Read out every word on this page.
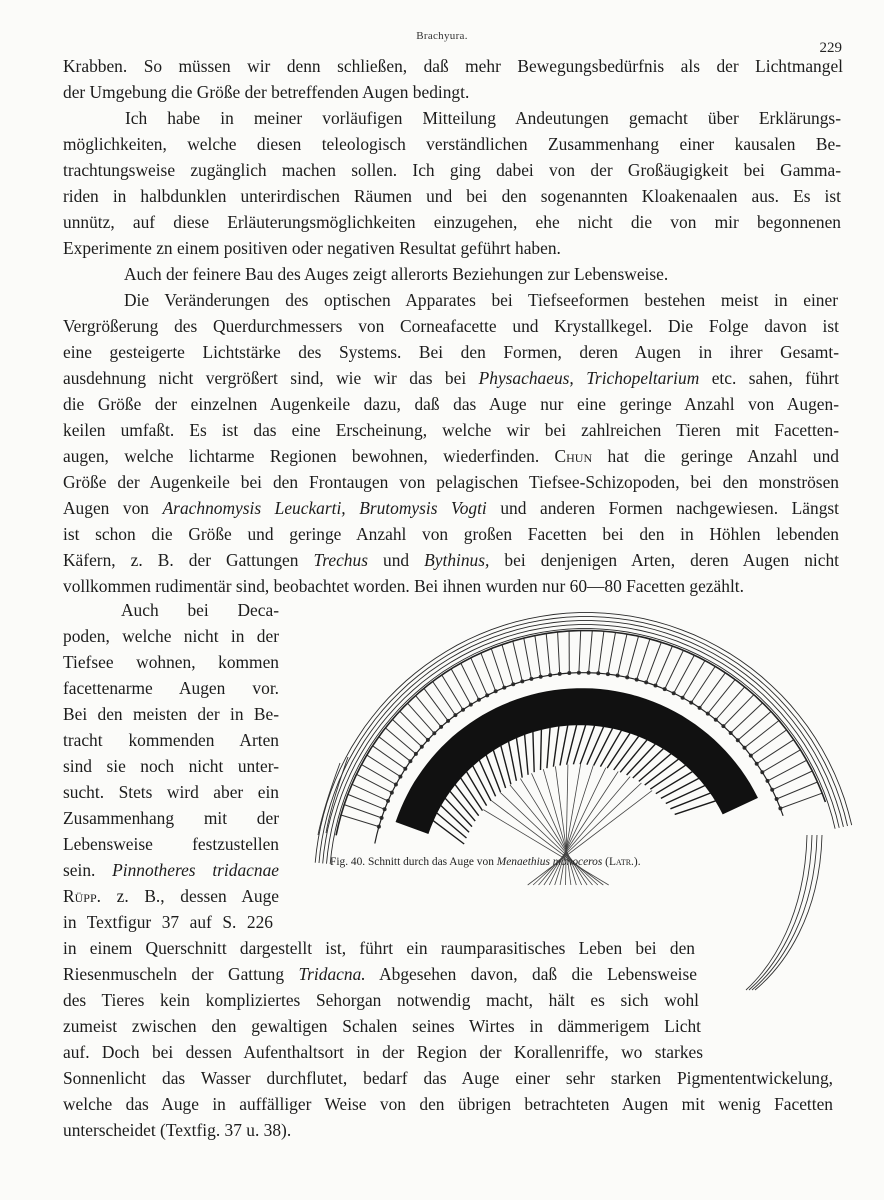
Brachyura.
229
Krabben. So müssen wir denn schließen, daß mehr Bewegungsbedürfnis als der Lichtmangel
der Umgebung die Größe der betreffenden Augen bedingt.
Ich habe in meiner vorläufigen Mitteilung Andeutungen gemacht über Erklärungs-
möglichkeiten, welche diesen teleologisch verständlichen Zusammenhang einer kausalen Be-
trachtungsweise zugänglich machen sollen. Ich ging dabei von der Großäugigkeit bei Gamma-
riden in halbdunklen unterirdischen Räumen und bei den sogenannten Kloakenaalen aus. Es ist
unnütz, auf diese Erläuterungsmöglichkeiten einzugehen, ehe nicht die von mir begonnenen
Experimente zn einem positiven oder negativen Resultat geführt haben.
Auch der feinere Bau des Auges zeigt allerorts Beziehungen zur Lebensweise.
Die Veränderungen des optischen Apparates bei Tiefseeformen bestehen meist in einer
Vergrößerung des Querdurchmessers von Corneafacette und Krystallkegel. Die Folge davon ist
eine gesteigerte Lichtstärke des Systems. Bei den Formen, deren Augen in ihrer Gesamt-
ausdehnung nicht vergrößert sind, wie wir das bei Physachaeus, Trichopeltarium etc. sahen, führt
die Größe der einzelnen Augenkeile dazu, daß das Auge nur eine geringe Anzahl von Augen-
keilen umfaßt. Es ist das eine Erscheinung, welche wir bei zahlreichen Tieren mit Facetten-
augen, welche lichtarme Regionen bewohnen, wiederfinden. Chun hat die geringe Anzahl und
Größe der Augenkeile bei den Frontaugen von pelagischen Tiefsee-Schizopoden, bei den monströsen
Augen von Arachnomysis Leuckarti, Brutomysis Vogti und anderen Formen nachgewiesen. Längst
ist schon die Größe und geringe Anzahl von großen Facetten bei den in Höhlen lebenden
Käfern, z. B. der Gattungen Trechus und Bythinus, bei denjenigen Arten, deren Augen nicht
vollkommen rudimentär sind, beobachtet worden. Bei ihnen wurden nur 60—80 Facetten gezählt.
Auch bei Deca-
poden, welche nicht in der
Tiefsee wohnen, kommen
facettenarme Augen vor.
Bei den meisten der in Be-
tracht kommenden Arten
sind sie noch nicht unter-
sucht. Stets wird aber ein
Zusammenhang mit der
Lebensweise festzustellen
sein. Pinnotheres tridacnae
Rüpp. z. B., dessen Auge
in Textfigur 37 auf S. 226
in einem Querschnitt dargestellt ist, führt ein raumparasitisches Leben bei den
Riesenmuscheln der Gattung Tridacna. Abgesehen davon, daß die Lebensweise
des Tieres kein kompliziertes Sehorgan notwendig macht, hält es sich wohl
zumeist zwischen den gewaltigen Schalen seines Wirtes in dämmerigem Licht
auf. Doch bei dessen Aufenthaltsort in der Region der Korallenriffe, wo starkes
Sonnenlicht das Wasser durchflutet, bedarf das Auge einer sehr starken Pigmententwickelung,
welche das Auge in auffälliger Weise von den übrigen betrachteten Augen mit wenig Facetten
unterscheidet (Textfig. 37 u. 38).
Fig. 40. Schnitt durch das Auge von Menaethius monoceros (Latr.).
